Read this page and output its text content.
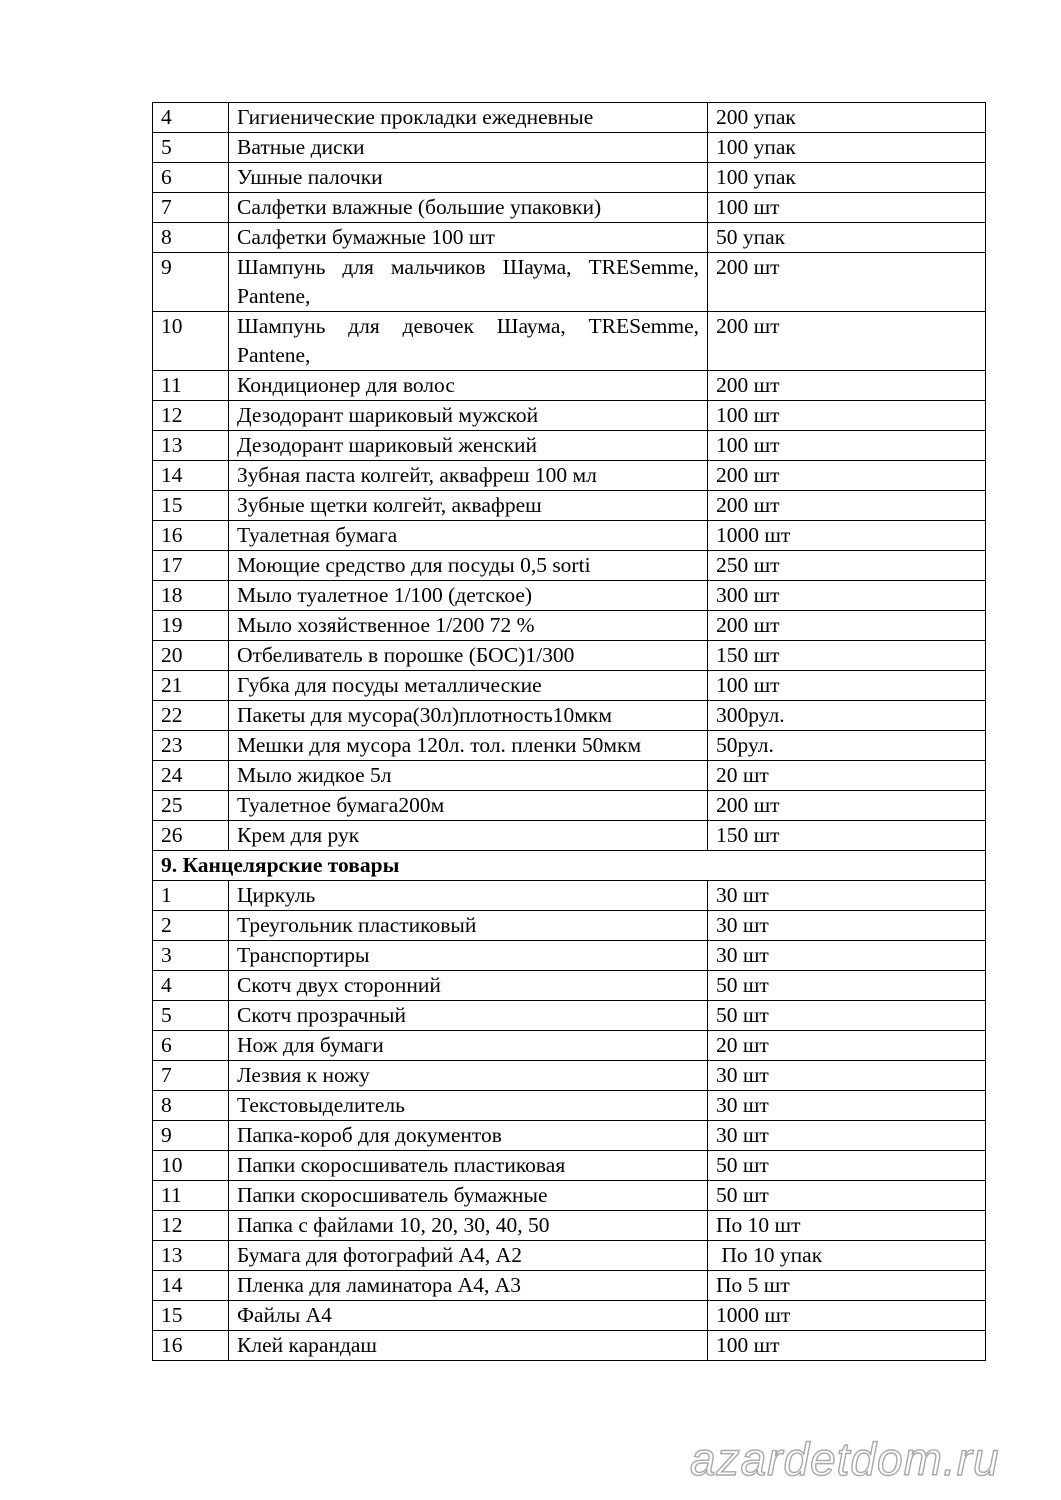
4	Гигиенические прокладки ежедневные	200 упак
5	Ватные диски	100 упак
6	Ушные палочки	100 упак
7	Салфетки влажные (большие упаковки)	100 шт
8	Салфетки бумажные 100 шт	50 упак
9	Шампунь для мальчиков Шаума, TRESemme, Pantene,	200 шт
10	Шампунь для девочек Шаума, TRESemme, Pantene,	200 шт
11	Кондиционер для волос	200 шт
12	Дезодорант шариковый мужской	100 шт
13	Дезодорант шариковый женский	100 шт
14	Зубная паста колгейт, аквафреш 100 мл	200 шт
15	Зубные щетки колгейт, аквафреш	200 шт
16	Туалетная бумага	1000 шт
17	Моющие средство для посуды 0,5 sorti	250 шт
18	Мыло туалетное 1/100 (детское)	300 шт
19	Мыло хозяйственное 1/200 72 %	200 шт
20	Отбеливатель в порошке (БОС)1/300	150 шт
21	Губка для посуды металлические	100 шт
22	Пакеты для мусора(30л)плотность10мкм	300рул.
23	Мешки для мусора 120л. тол. пленки 50мкм	50рул.
24	Мыло жидкое 5л	20 шт
25	Туалетное бумага200м	200 шт
26	Крем для рук	150 шт
9. Канцелярские товары		
1	Циркуль	30 шт
2	Треугольник пластиковый	30 шт
3	Транспортиры	30 шт
4	Скотч двух сторонний	50 шт
5	Скотч прозрачный	50 шт
6	Нож для бумаги	20 шт
7	Лезвия к ножу	30 шт
8	Текстовыделитель	30 шт
9	Папка-короб для документов	30 шт
10	Папки скоросшиватель пластиковая	50 шт
11	Папки скоросшиватель бумажные	50 шт
12	Папка с файлами 10, 20, 30, 40, 50	По 10 шт
13	Бумага для фотографий А4, А2	По 10 упак
14	Пленка для ламинатора А4, А3	По 5 шт
15	Файлы А4	1000 шт
16	Клей карандаш	100 шт
azardetdom.ru
